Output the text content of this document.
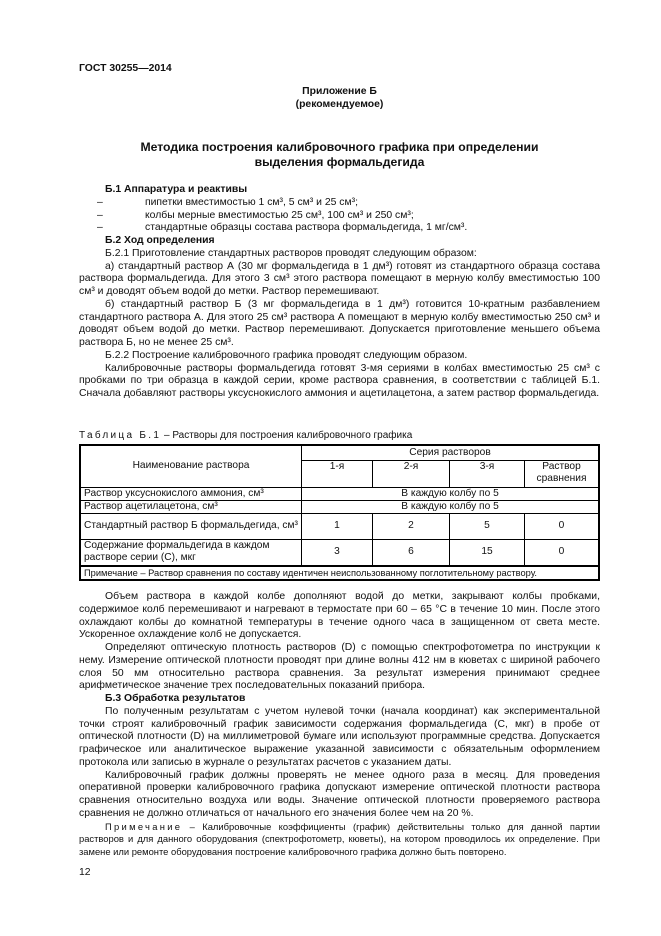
ГОСТ 30255—2014
Приложение Б
(рекомендуемое)
Методика построения калибровочного графика при определении
выделения формальдегида

Б.1 Аппаратура и реактивы

–	пипетки вместимостью 1 см³, 5 см³ и 25 см³;
–	колбы мерные вместимостью 25 см³, 100 см³ и 250 см³;
–	стандартные образцы состава раствора формальдегида, 1 мг/см³.

Б.2 Ход определения

Б.2.1 Приготовление стандартных растворов проводят следующим образом:

а) стандартный раствор А (30 мг формальдегида в 1 дм³) готовят из стандартного образца состава раствора формальдегида. Для этого 3 см³ этого раствора помещают в мерную колбу вместимостью 100 см³ и доводят объем водой до метки. Раствор перемешивают.

б) стандартный раствор Б (3 мг формальдегида в 1 дм³) готовится 10-кратным разбавлением стандартного раствора А. Для этого 25 см³ раствора А помещают в мерную колбу вместимостью 250 см³ и доводят объем водой до метки. Раствор перемешивают. Допускается приготовление меньшего объема раствора Б, но не менее 25 см³.

Б.2.2 Построение калибровочного графика проводят следующим образом.

Калибровочные растворы формальдегида готовят 3-мя сериями в колбах вместимостью 25 см³ с пробками по три образца в каждой серии, кроме раствора сравнения, в соответствии с таблицей Б.1. Сначала добавляют растворы уксуснокислого аммония и ацетилацетона, а затем раствор формальдегида.

Таблица Б.1 – Растворы для построения калибровочного графика
Наименование раствора	Серия растворов			
	1-я	2-я	3-я	Раствор сравнения
Раствор уксуснокислого аммония, см³	В каждую колбу по 5			
Раствор ацетилацетона, см³	В каждую колбу по 5			
Стандартный раствор Б формальдегида, см³	1	2	5	0
Содержание формальдегида в каждом растворе серии (С), мкг	3	6	15	0
Примечание – Раствор сравнения по составу идентичен неиспользованному поглотительному раствору.				

Объем раствора в каждой колбе дополняют водой до метки, закрывают колбы пробками, содержимое колб перемешивают и нагревают в термостате при 60 – 65 °С в течение 10 мин. После этого охлаждают колбы до комнатной температуры в течение одного часа в защищенном от света месте. Ускоренное охлаждение колб не допускается.

Определяют оптическую плотность растворов (D) с помощью спектрофотометра по инструкции к нему. Измерение оптической плотности проводят при длине волны 412 нм в кюветах с шириной рабочего слоя 50 мм относительно раствора сравнения. За результат измерения принимают среднее арифметическое значение трех последовательных показаний прибора.

Б.3 Обработка результатов

По полученным результатам с учетом нулевой точки (начала координат) как экспериментальной точки строят калибровочный график зависимости содержания формальдегида (С, мкг) в пробе от оптической плотности (D) на миллиметровой бумаге или используют программные средства. Допускается графическое или аналитическое выражение указанной зависимости с обязательным оформлением протокола или записью в журнале о результатах расчетов с указанием даты.

Калибровочный график должны проверять не менее одного раза в месяц. Для проведения оперативной проверки калибровочного графика допускают измерение оптической плотности раствора сравнения относительно воздуха или воды. Значение оптической плотности проверяемого раствора сравнения не должно отличаться от начального его значения более чем на 20 %.

Примечание – Калибровочные коэффициенты (график) действительны только для данной партии растворов и для данного оборудования (спектрофотометр, кюветы), на котором проводилось их определение. При замене или ремонте оборудования построение калибровочного графика должно быть повторено.

12
